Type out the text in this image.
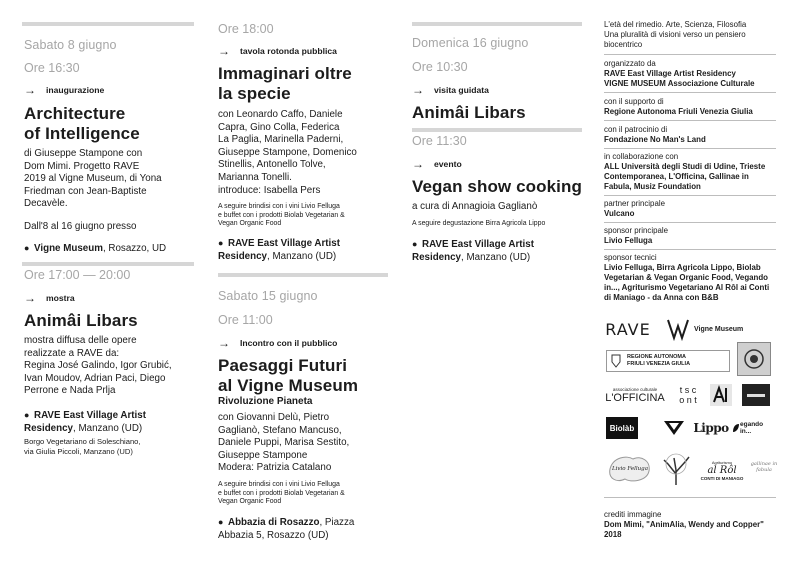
Sabato 8 giugno
Ore 16:30
→	inaugurazione
Architecture
of Intelligence
di Giuseppe Stampone con
Dom Mimi. Progetto RAVE
2019 al Vigne Museum, di Yona
Friedman con Jean-Baptiste
Decavèle.
Dall'8 al 16 giugno presso
● Vigne Museum, Rosazzo, UD
Ore 17:00 — 20:00
→	mostra
Animâi Libars
mostra diffusa delle opere
realizzate a RAVE da:
Regina José Galindo, Igor Grubić,
Ivan Moudov, Adrian Paci, Diego
Perrone e Nada Prlja
● RAVE East Village Artist
Residency, Manzano (UD)
Borgo Vegetariano di Soleschiano,
via Giulia Piccoli, Manzano (UD)
Ore 18:00
→	tavola rotonda pubblica
Immaginari oltre
la specie
con Leonardo Caffo, Daniele
Capra, Gino Colla, Federica
La Paglia, Marinella Paderni,
Giuseppe Stampone, Domenico
Stinellis, Antonello Tolve,
Marianna Tonelli.
introduce: Isabella Pers
A seguire brindisi con i vini Livio Felluga
e buffet con i prodotti Biolab Vegetarian &
Vegan Organic Food
● RAVE East Village Artist
Residency, Manzano (UD)
Sabato 15 giugno
Ore 11:00
→	Incontro con il pubblico
Paesaggi Futuri
al Vigne Museum
Rivoluzione Pianeta
con Giovanni Delù, Pietro
Gaglianò, Stefano Mancuso,
Daniele Puppi, Marisa Sestito,
Giuseppe Stampone
Modera: Patrizia Catalano
A seguire brindisi con i vini Livio Felluga
e buffet con i prodotti Biolab Vegetarian &
Vegan Organic Food
● Abbazia di Rosazzo, Piazza
Abbazia 5, Rosazzo (UD)
Domenica 16 giugno
Ore 10:30
→	visita guidata
Animâi Libars
Ore 11:30
→	evento
Vegan show cooking
a cura di Annagioia Gaglianò
A seguire degustazione Birra Agricola Lippo
● RAVE East Village Artist
Residency, Manzano (UD)
L'età del rimedio. Arte, Scienza, Filosofia
Una pluralità di visioni verso un pensiero
biocentrico
organizzato da
RAVE East Village Artist Residency
VIGNE MUSEUM Associazione Culturale
con il supporto di
Regione Autonoma Friuli Venezia Giulia
con il patrocinio di
Fondazione No Man's Land
in collaborazione con
ALL Università degli Studi di Udine, Trieste
Contemporanea, L'Officina, Gallinae in
Fabula, Musiz Foundation
partner principale
Vulcano
sponsor principale
Livio Felluga
sponsor tecnici
Livio Felluga, Birra Agricola Lippo, Biolab
Vegetarian & Vegan Organic Food, Vegando
in..., Agriturismo Vegetariano Al Rôl ai Conti
di Maniago - da Anna con B&B
RAVE	Vigne Museum
REGIONE AUTONOMA
FRIULI VENEZIA GIULIA
associazione culturale
L'OFFICINA
t s c
o n t
Biolàb	Lippo egando in...
Livio Felluga
Agriturismo
al Rôl
CONTI DI MANIAGO
gallinae in fabula
crediti immagine
Dom Mimi, "AnimAlia, Wendy and Copper"
2018
